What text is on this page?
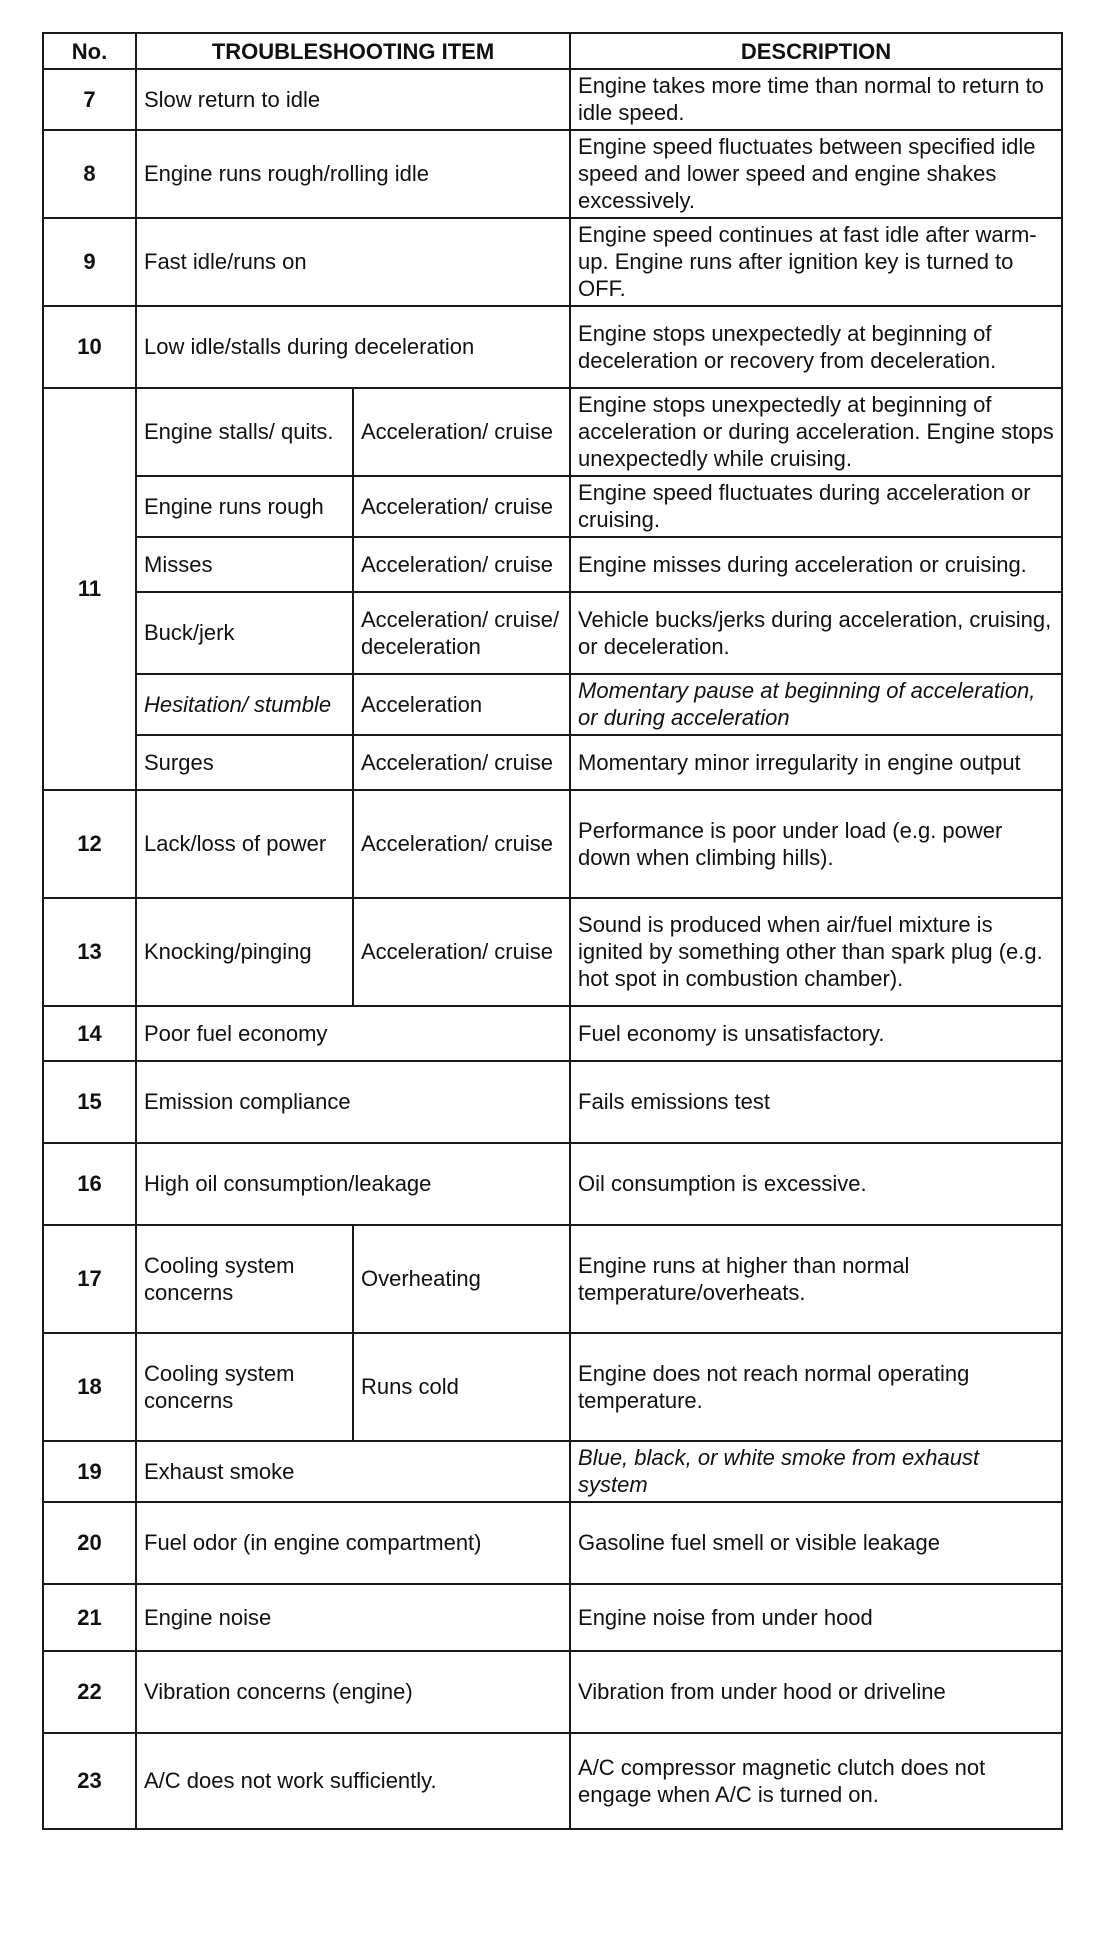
No.	TROUBLESHOOTING ITEM		DESCRIPTION
7	Slow return to idle		Engine takes more time than normal to return to idle speed.
8	Engine runs rough/rolling idle		Engine speed fluctuates between specified idle speed and lower speed and engine shakes excessively.
9	Fast idle/runs on		Engine speed continues at fast idle after warm-up. Engine runs after ignition key is turned to OFF.
10	Low idle/stalls during deceleration		Engine stops unexpectedly at beginning of deceleration or recovery from deceleration.
11	Engine stalls/ quits.	Acceleration/ cruise	Engine stops unexpectedly at beginning of acceleration or during acceleration. Engine stops unexpectedly while cruising.
	Engine runs rough	Acceleration/ cruise	Engine speed fluctuates during acceleration or cruising.
	Misses	Acceleration/ cruise	Engine misses during acceleration or cruising.
	Buck/jerk	Acceleration/ cruise/ deceleration	Vehicle bucks/jerks during acceleration, cruising, or deceleration.
	Hesitation/ stumble	Acceleration	Momentary pause at beginning of acceleration, or during acceleration
	Surges	Acceleration/ cruise	Momentary minor irregularity in engine output
12	Lack/loss of power	Acceleration/ cruise	Performance is poor under load (e.g. power down when climbing hills).
13	Knocking/pinging	Acceleration/ cruise	Sound is produced when air/fuel mixture is ignited by something other than spark plug (e.g. hot spot in combustion chamber).
14	Poor fuel economy		Fuel economy is unsatisfactory.
15	Emission compliance		Fails emissions test
16	High oil consumption/leakage		Oil consumption is excessive.
17	Cooling system concerns	Overheating	Engine runs at higher than normal temperature/overheats.
18	Cooling system concerns	Runs cold	Engine does not reach normal operating temperature.
19	Exhaust smoke		Blue, black, or white smoke from exhaust system
20	Fuel odor (in engine compartment)		Gasoline fuel smell or visible leakage
21	Engine noise		Engine noise from under hood
22	Vibration concerns (engine)		Vibration from under hood or driveline
23	A/C does not work sufficiently.		A/C compressor magnetic clutch does not engage when A/C is turned on.
